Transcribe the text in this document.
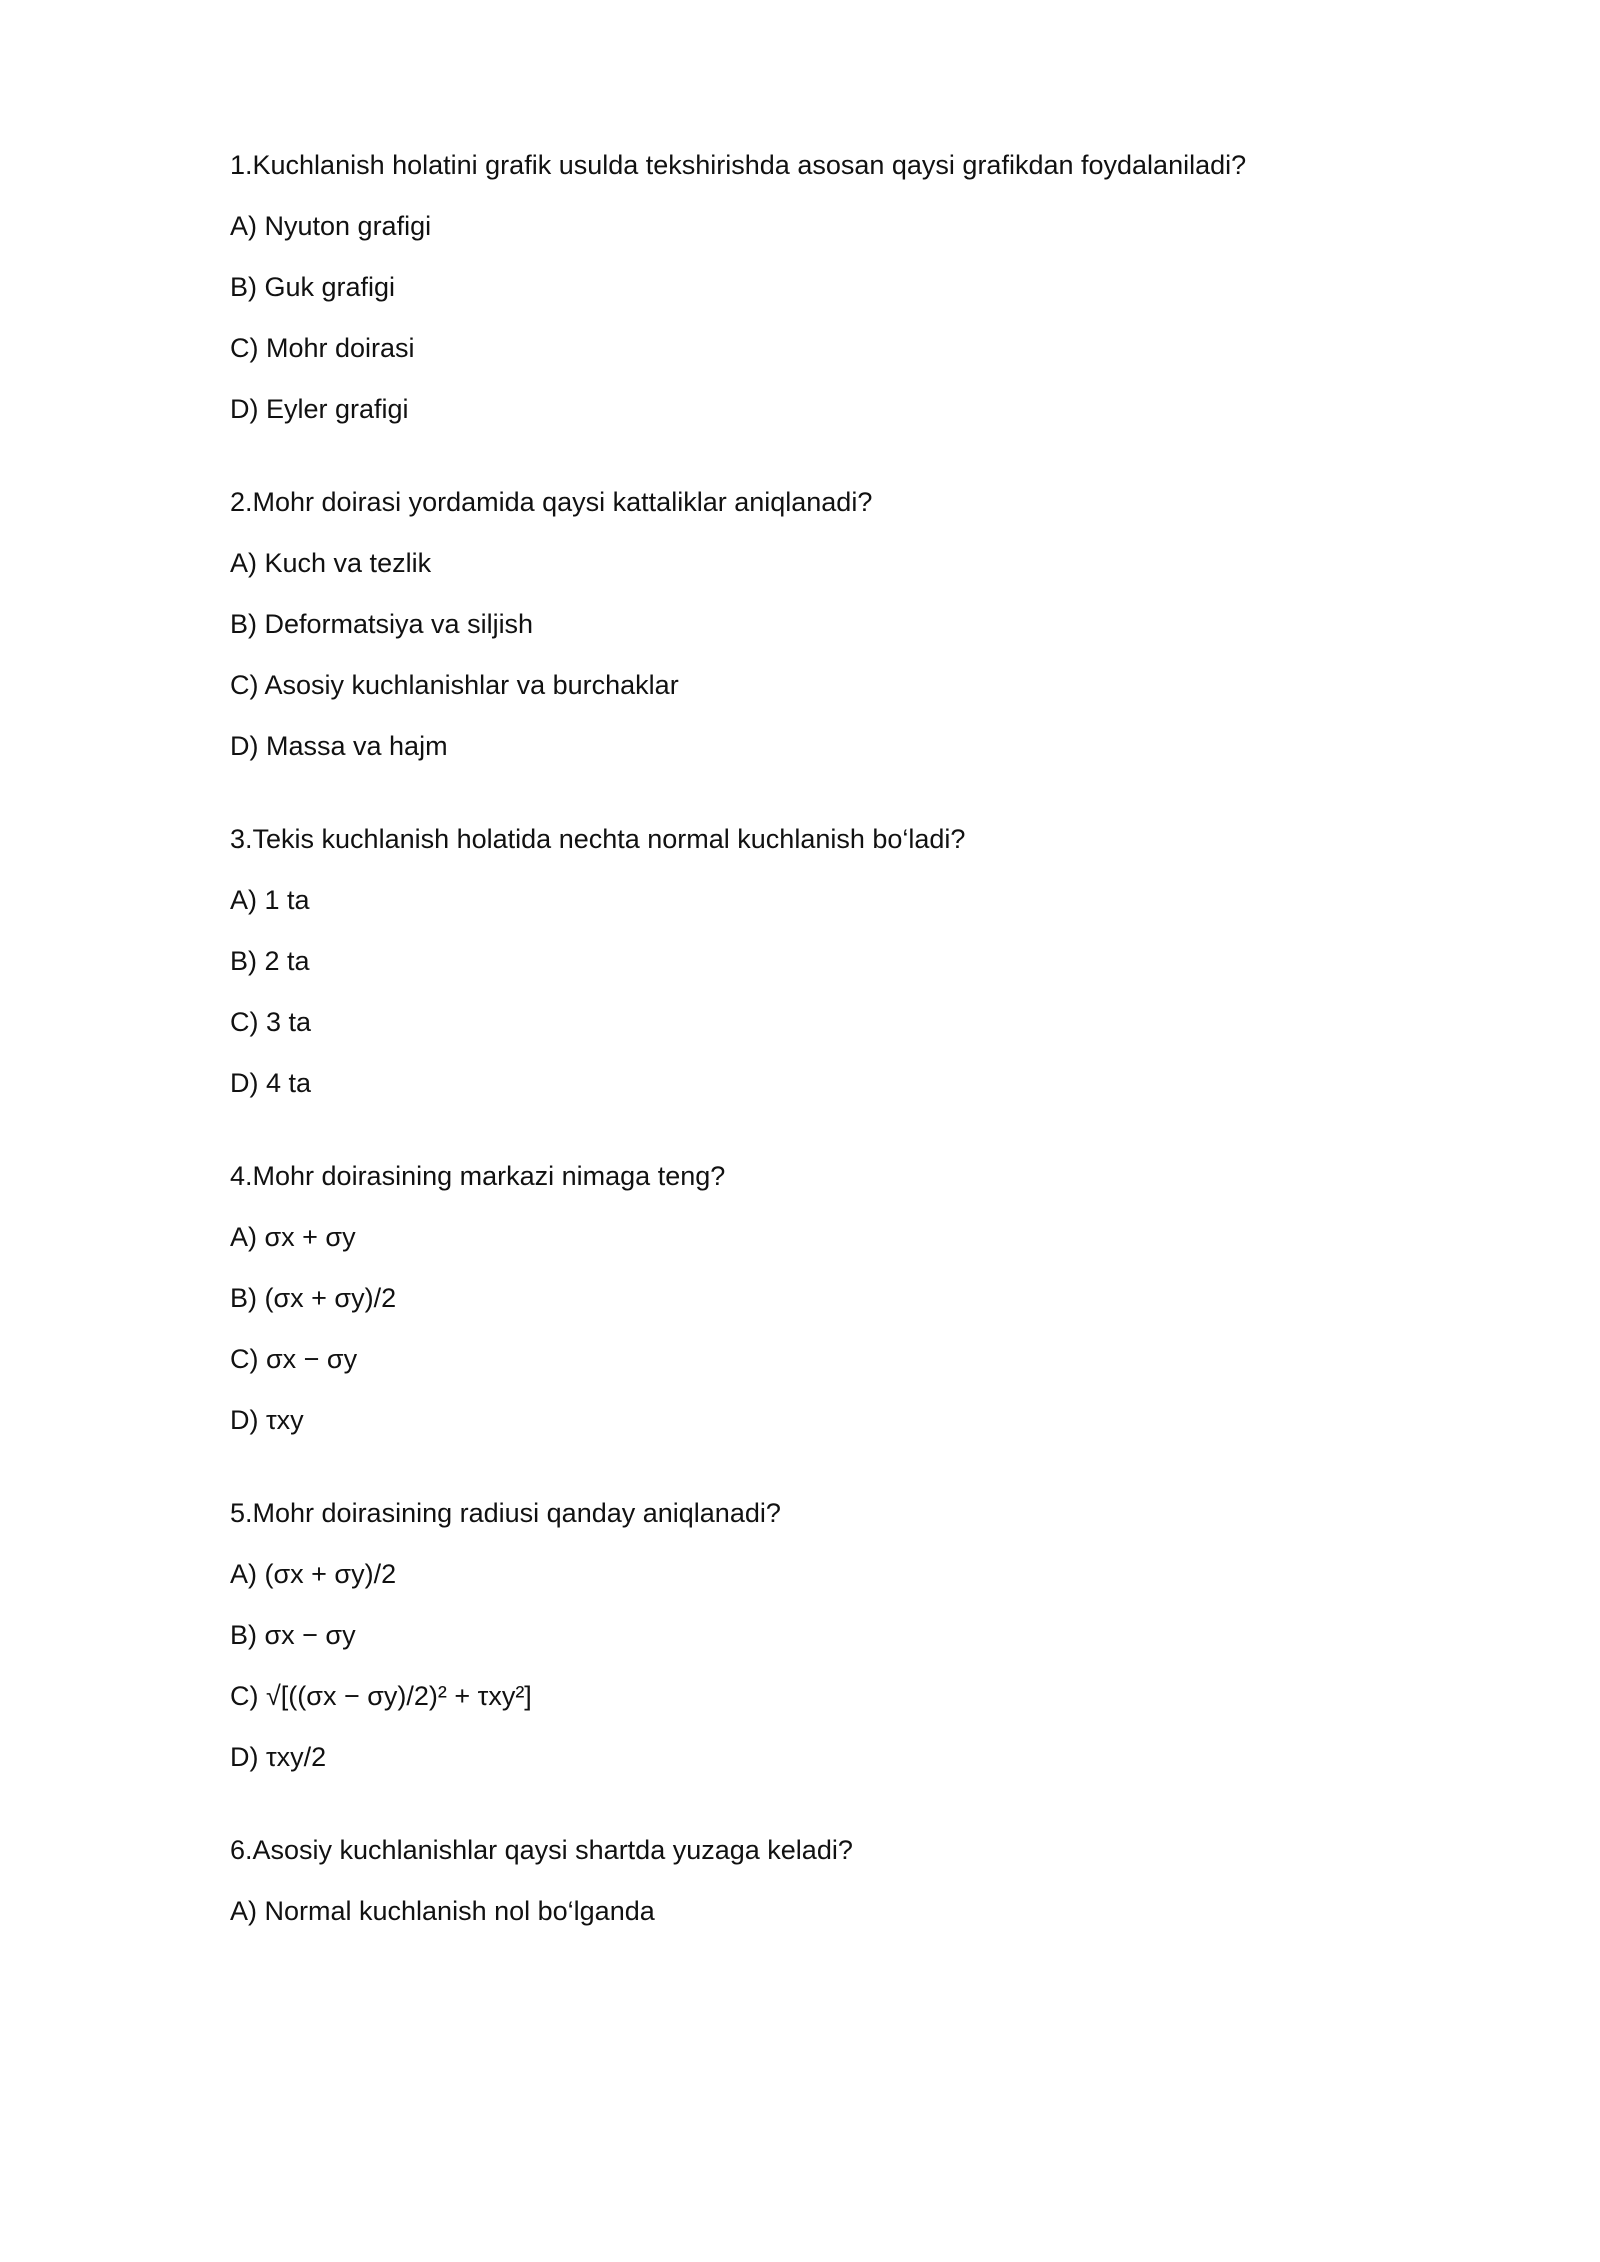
1.Kuchlanish holatini grafik usulda tekshirishda asosan qaysi grafikdan foydalaniladi?
A) Nyuton grafigi
B) Guk grafigi
C) Mohr doirasi
D) Eyler grafigi
2.Mohr doirasi yordamida qaysi kattaliklar aniqlanadi?
A) Kuch va tezlik
B) Deformatsiya va siljish
C) Asosiy kuchlanishlar va burchaklar
D) Massa va hajm
3.Tekis kuchlanish holatida nechta normal kuchlanish bo‘ladi?
A) 1 ta
B) 2 ta
C) 3 ta
D) 4 ta
4.Mohr doirasining markazi nimaga teng?
A) σx + σy
B) (σx + σy)/2
C) σx − σy
D) τxy
5.Mohr doirasining radiusi qanday aniqlanadi?
A) (σx + σy)/2
B) σx − σy
C) √[((σx − σy)/2)² + τxy²]
D) τxy/2
6.Asosiy kuchlanishlar qaysi shartda yuzaga keladi?
A) Normal kuchlanish nol bo‘lganda
